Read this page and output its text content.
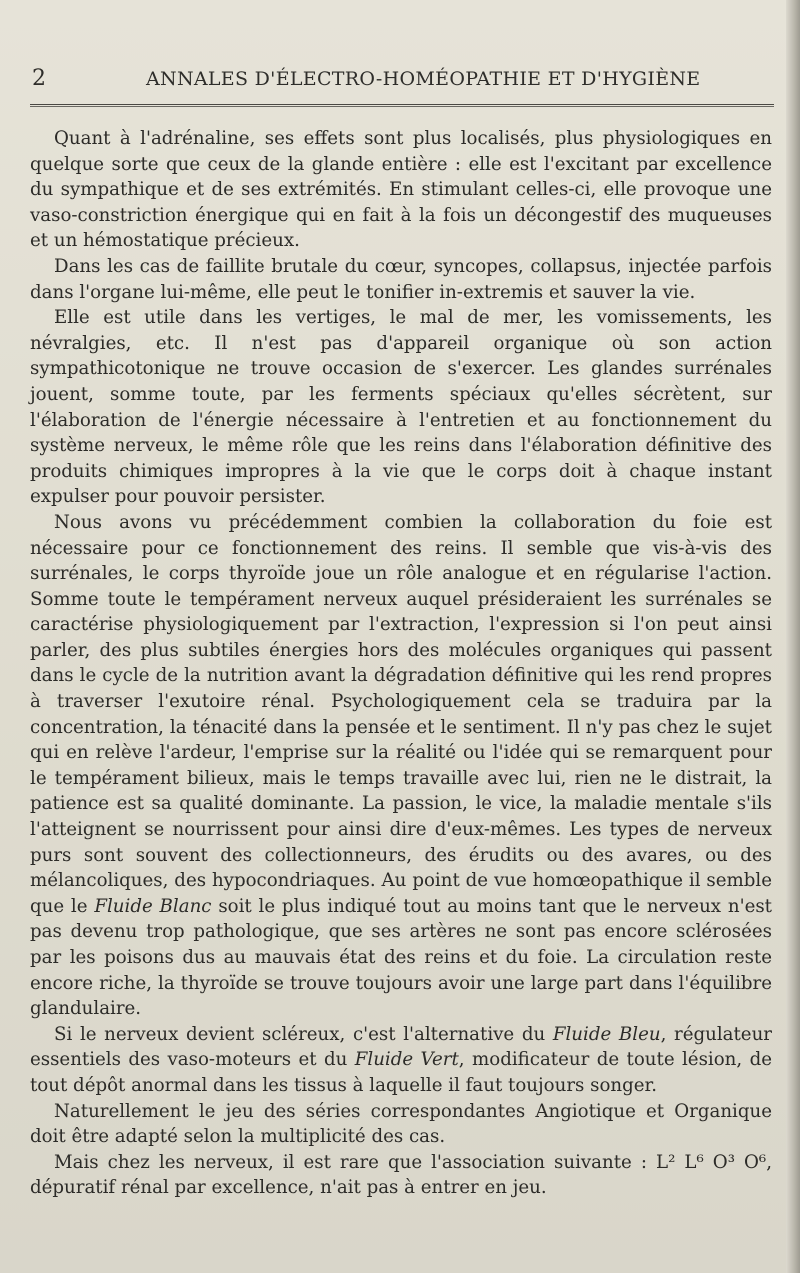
2	ANNALES D'ÉLECTRO-HOMÉOPATHIE ET D'HYGIÈNE

Quant à l'adrénaline, ses effets sont plus localisés, plus physiologiques en quelque sorte que ceux de la glande entière : elle est l'excitant par excellence du sympathique et de ses extrémités. En stimulant celles-ci, elle provoque une vaso-constriction énergique qui en fait à la fois un décongestif des muqueuses et un hémostatique précieux.

Dans les cas de faillite brutale du cœur, syncopes, collapsus, injectée parfois dans l'organe lui-même, elle peut le tonifier in-extremis et sauver la vie.

Elle est utile dans les vertiges, le mal de mer, les vomissements, les névralgies, etc. Il n'est pas d'appareil organique où son action sympathicotonique ne trouve occasion de s'exercer. Les glandes surrénales jouent, somme toute, par les ferments spéciaux qu'elles sécrètent, sur l'élaboration de l'énergie nécessaire à l'entretien et au fonctionnement du système nerveux, le même rôle que les reins dans l'élaboration définitive des produits chimiques impropres à la vie que le corps doit à chaque instant expulser pour pouvoir persister.

Nous avons vu précédemment combien la collaboration du foie est nécessaire pour ce fonctionnement des reins. Il semble que vis-à-vis des surrénales, le corps thyroïde joue un rôle analogue et en régularise l'action. Somme toute le tempérament nerveux auquel présideraient les surrénales se caractérise physiologiquement par l'extraction, l'expression si l'on peut ainsi parler, des plus subtiles énergies hors des molécules organiques qui passent dans le cycle de la nutrition avant la dégradation définitive qui les rend propres à traverser l'exutoire rénal. Psychologiquement cela se traduira par la concentration, la ténacité dans la pensée et le sentiment. Il n'y pas chez le sujet qui en relève l'ardeur, l'emprise sur la réalité ou l'idée qui se remarquent pour le tempérament bilieux, mais le temps travaille avec lui, rien ne le distrait, la patience est sa qualité dominante. La passion, le vice, la maladie mentale s'ils l'atteignent se nourrissent pour ainsi dire d'eux-mêmes. Les types de nerveux purs sont souvent des collectionneurs, des érudits ou des avares, ou des mélancoliques, des hypocondriaques. Au point de vue homœopathique il semble que le Fluide Blanc soit le plus indiqué tout au moins tant que le nerveux n'est pas devenu trop pathologique, que ses artères ne sont pas encore sclérosées par les poisons dus au mauvais état des reins et du foie. La circulation reste encore riche, la thyroïde se trouve toujours avoir une large part dans l'équilibre glandulaire.

Si le nerveux devient scléreux, c'est l'alternative du Fluide Bleu, régulateur essentiels des vaso-moteurs et du Fluide Vert, modificateur de toute lésion, de tout dépôt anormal dans les tissus à laquelle il faut toujours songer.

Naturellement le jeu des séries correspondantes Angiotique et Organique doit être adapté selon la multiplicité des cas.

Mais chez les nerveux, il est rare que l'association suivante : L² L⁶ O³ O⁶, dépuratif rénal par excellence, n'ait pas à entrer en jeu.
